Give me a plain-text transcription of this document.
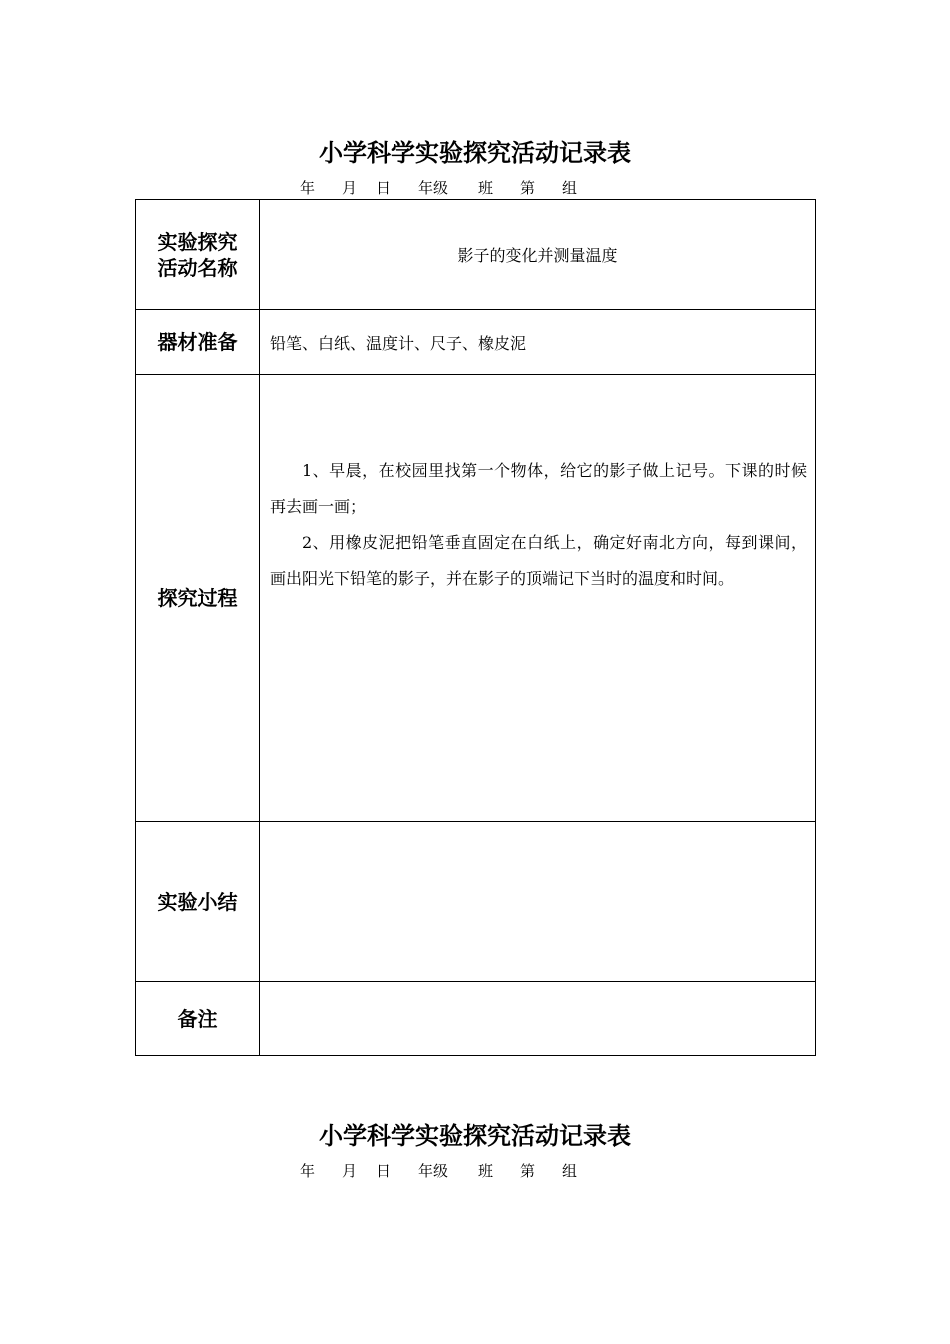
小学科学实验探究活动记录表
年	月	日	年级	班	第	组
实验探究
活动名称	影子的变化并测量温度
器材准备	铅笔、白纸、温度计、尺子、橡皮泥
探究过程	1、早晨，在校园里找第一个物体，给它的影子做上记号。下课的时候再去画一画；

2、用橡皮泥把铅笔垂直固定在白纸上，确定好南北方向，每到课间，画出阳光下铅笔的影子，并在影子的顶端记下当时的温度和时间。

实验小结	
备注	
小学科学实验探究活动记录表
年	月	日	年级	班	第	组
